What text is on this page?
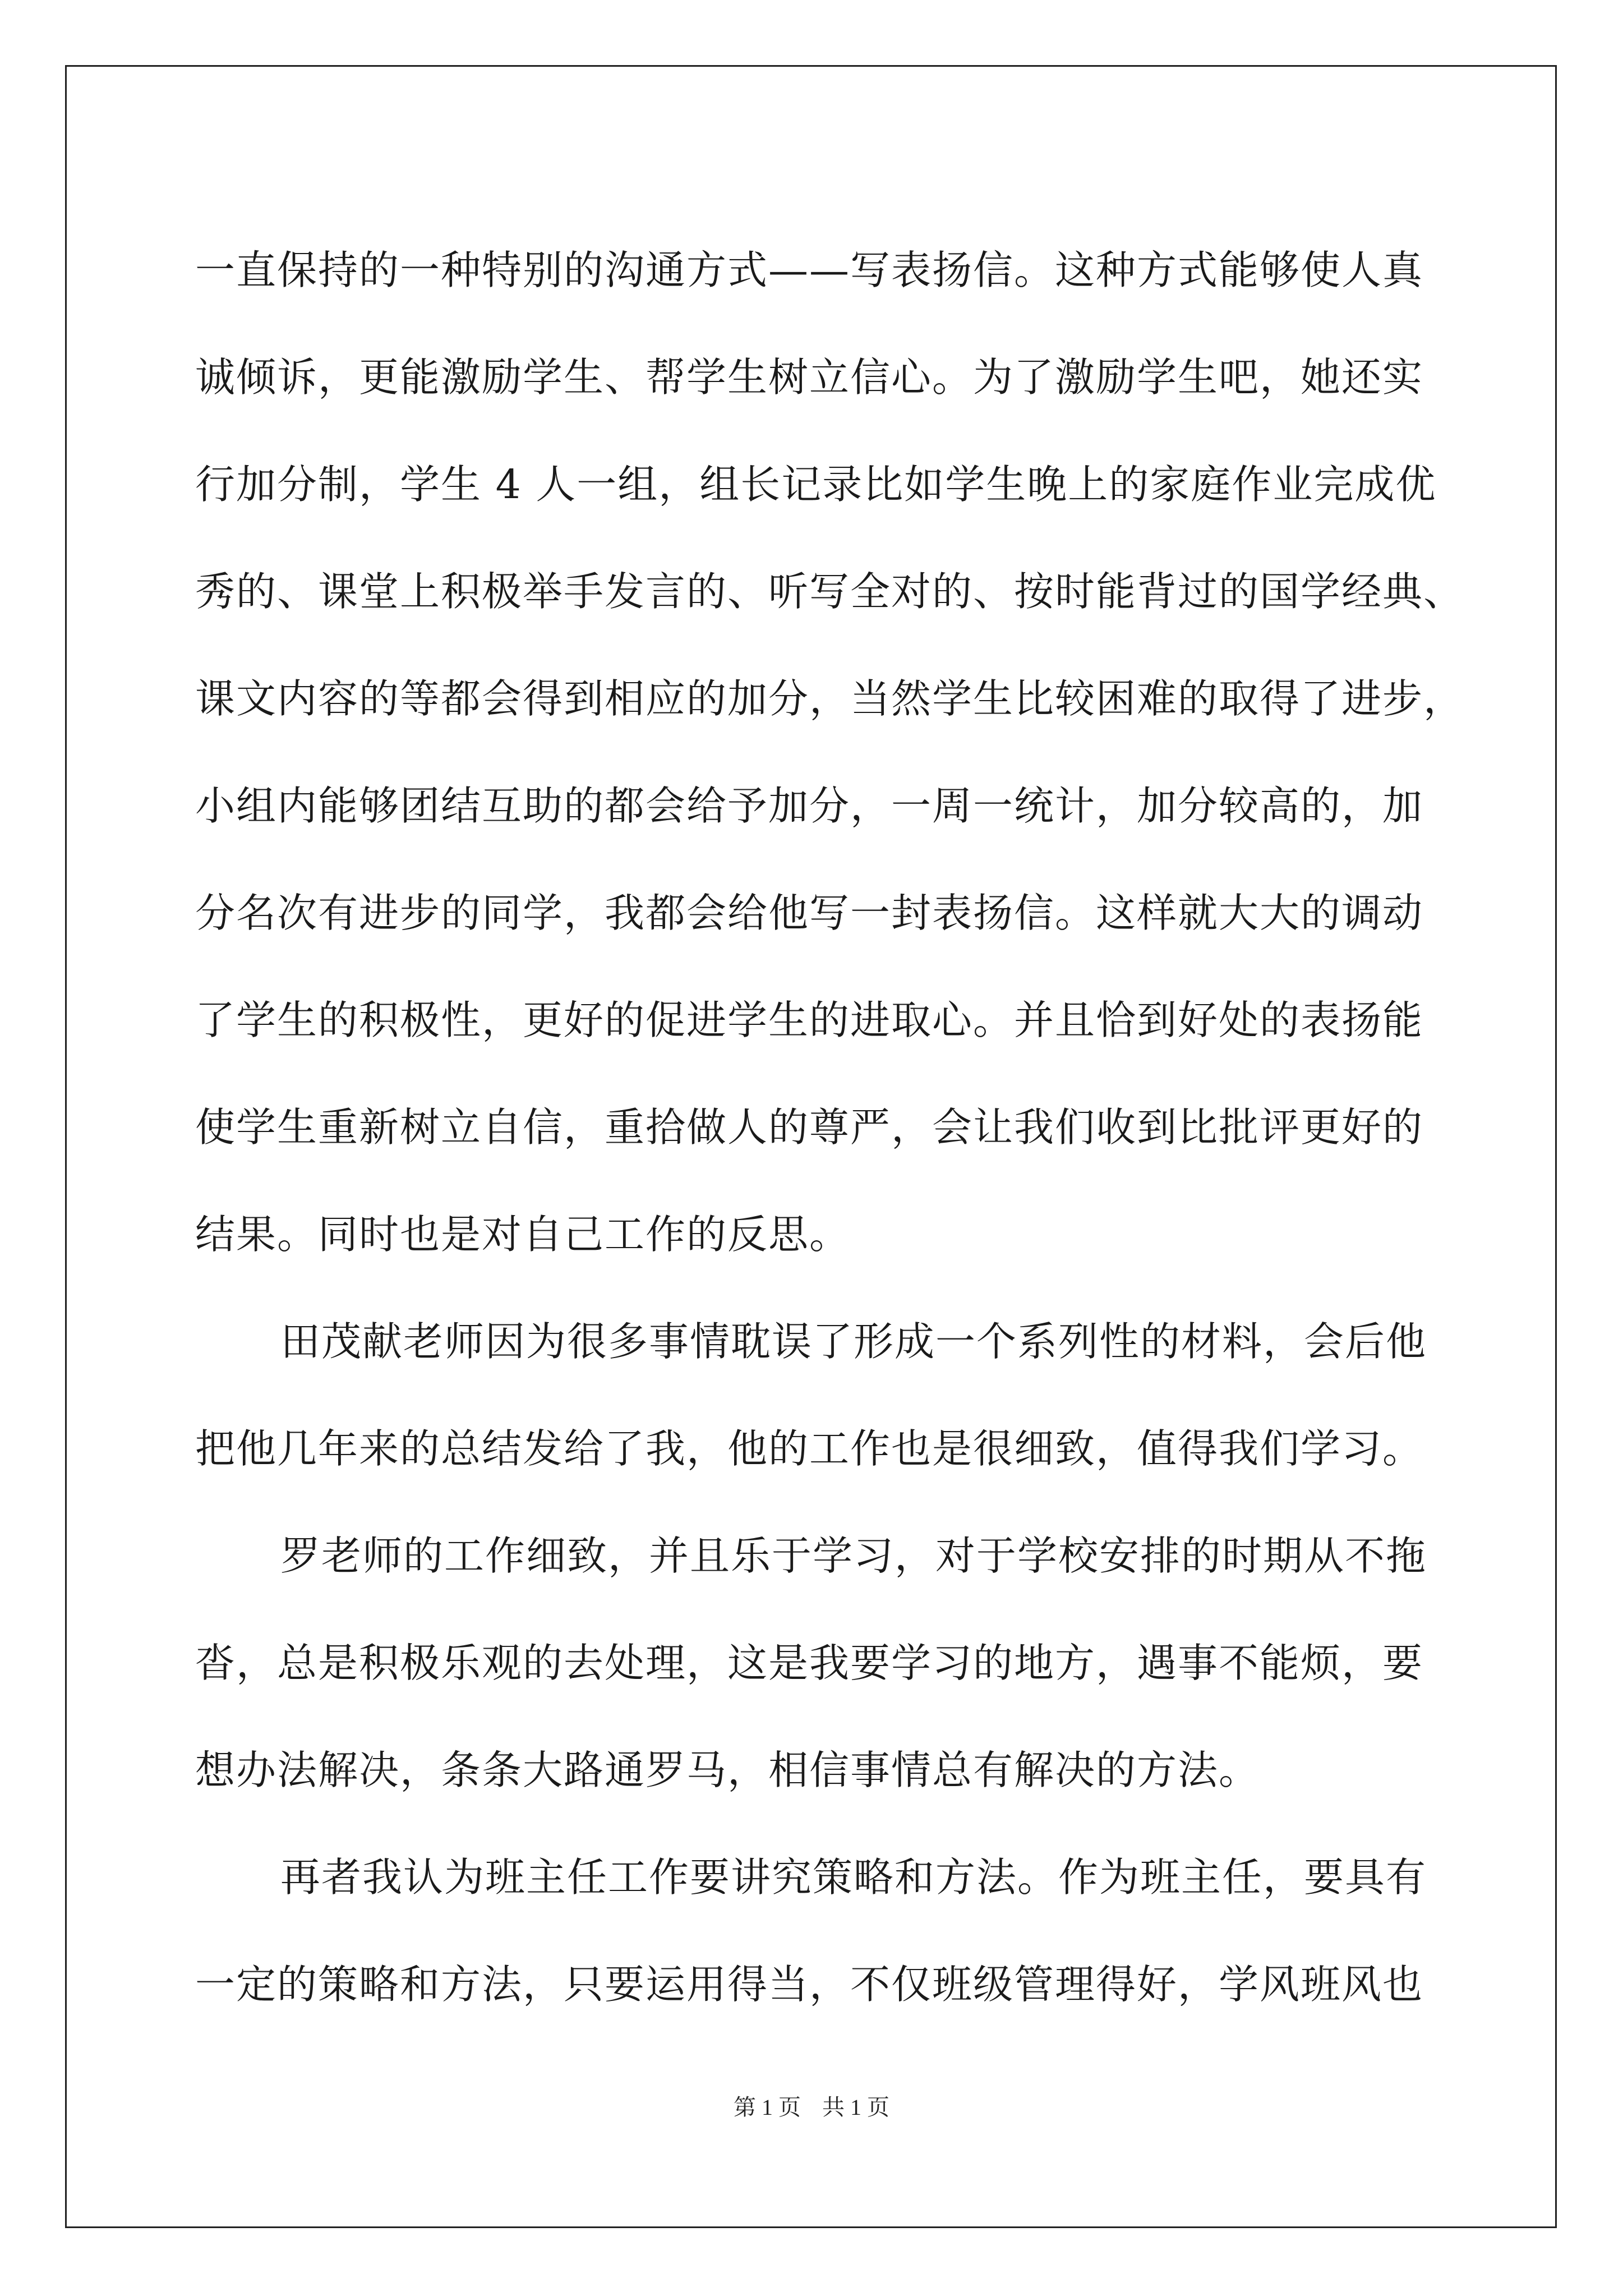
一直保持的一种特别的沟通方式——写表扬信。这种方式能够使人真
诚倾诉，更能激励学生、帮学生树立信心。为了激励学生吧，她还实
行加分制，学生 4 人一组，组长记录比如学生晚上的家庭作业完成优
秀的、课堂上积极举手发言的、听写全对的、按时能背过的国学经典、
课文内容的等都会得到相应的加分，当然学生比较困难的取得了进步，
小组内能够团结互助的都会给予加分，一周一统计，加分较高的，加
分名次有进步的同学，我都会给他写一封表扬信。这样就大大的调动
了学生的积极性，更好的促进学生的进取心。并且恰到好处的表扬能
使学生重新树立自信，重拾做人的尊严，会让我们收到比批评更好的
结果。同时也是对自己工作的反思。
田茂献老师因为很多事情耽误了形成一个系列性的材料，会后他
把他几年来的总结发给了我，他的工作也是很细致，值得我们学习。
罗老师的工作细致，并且乐于学习，对于学校安排的时期从不拖
沓，总是积极乐观的去处理，这是我要学习的地方，遇事不能烦，要
想办法解决，条条大路通罗马，相信事情总有解决的方法。
再者我认为班主任工作要讲究策略和方法。作为班主任，要具有
一定的策略和方法，只要运用得当，不仅班级管理得好，学风班风也
第 1 页 共 1 页
